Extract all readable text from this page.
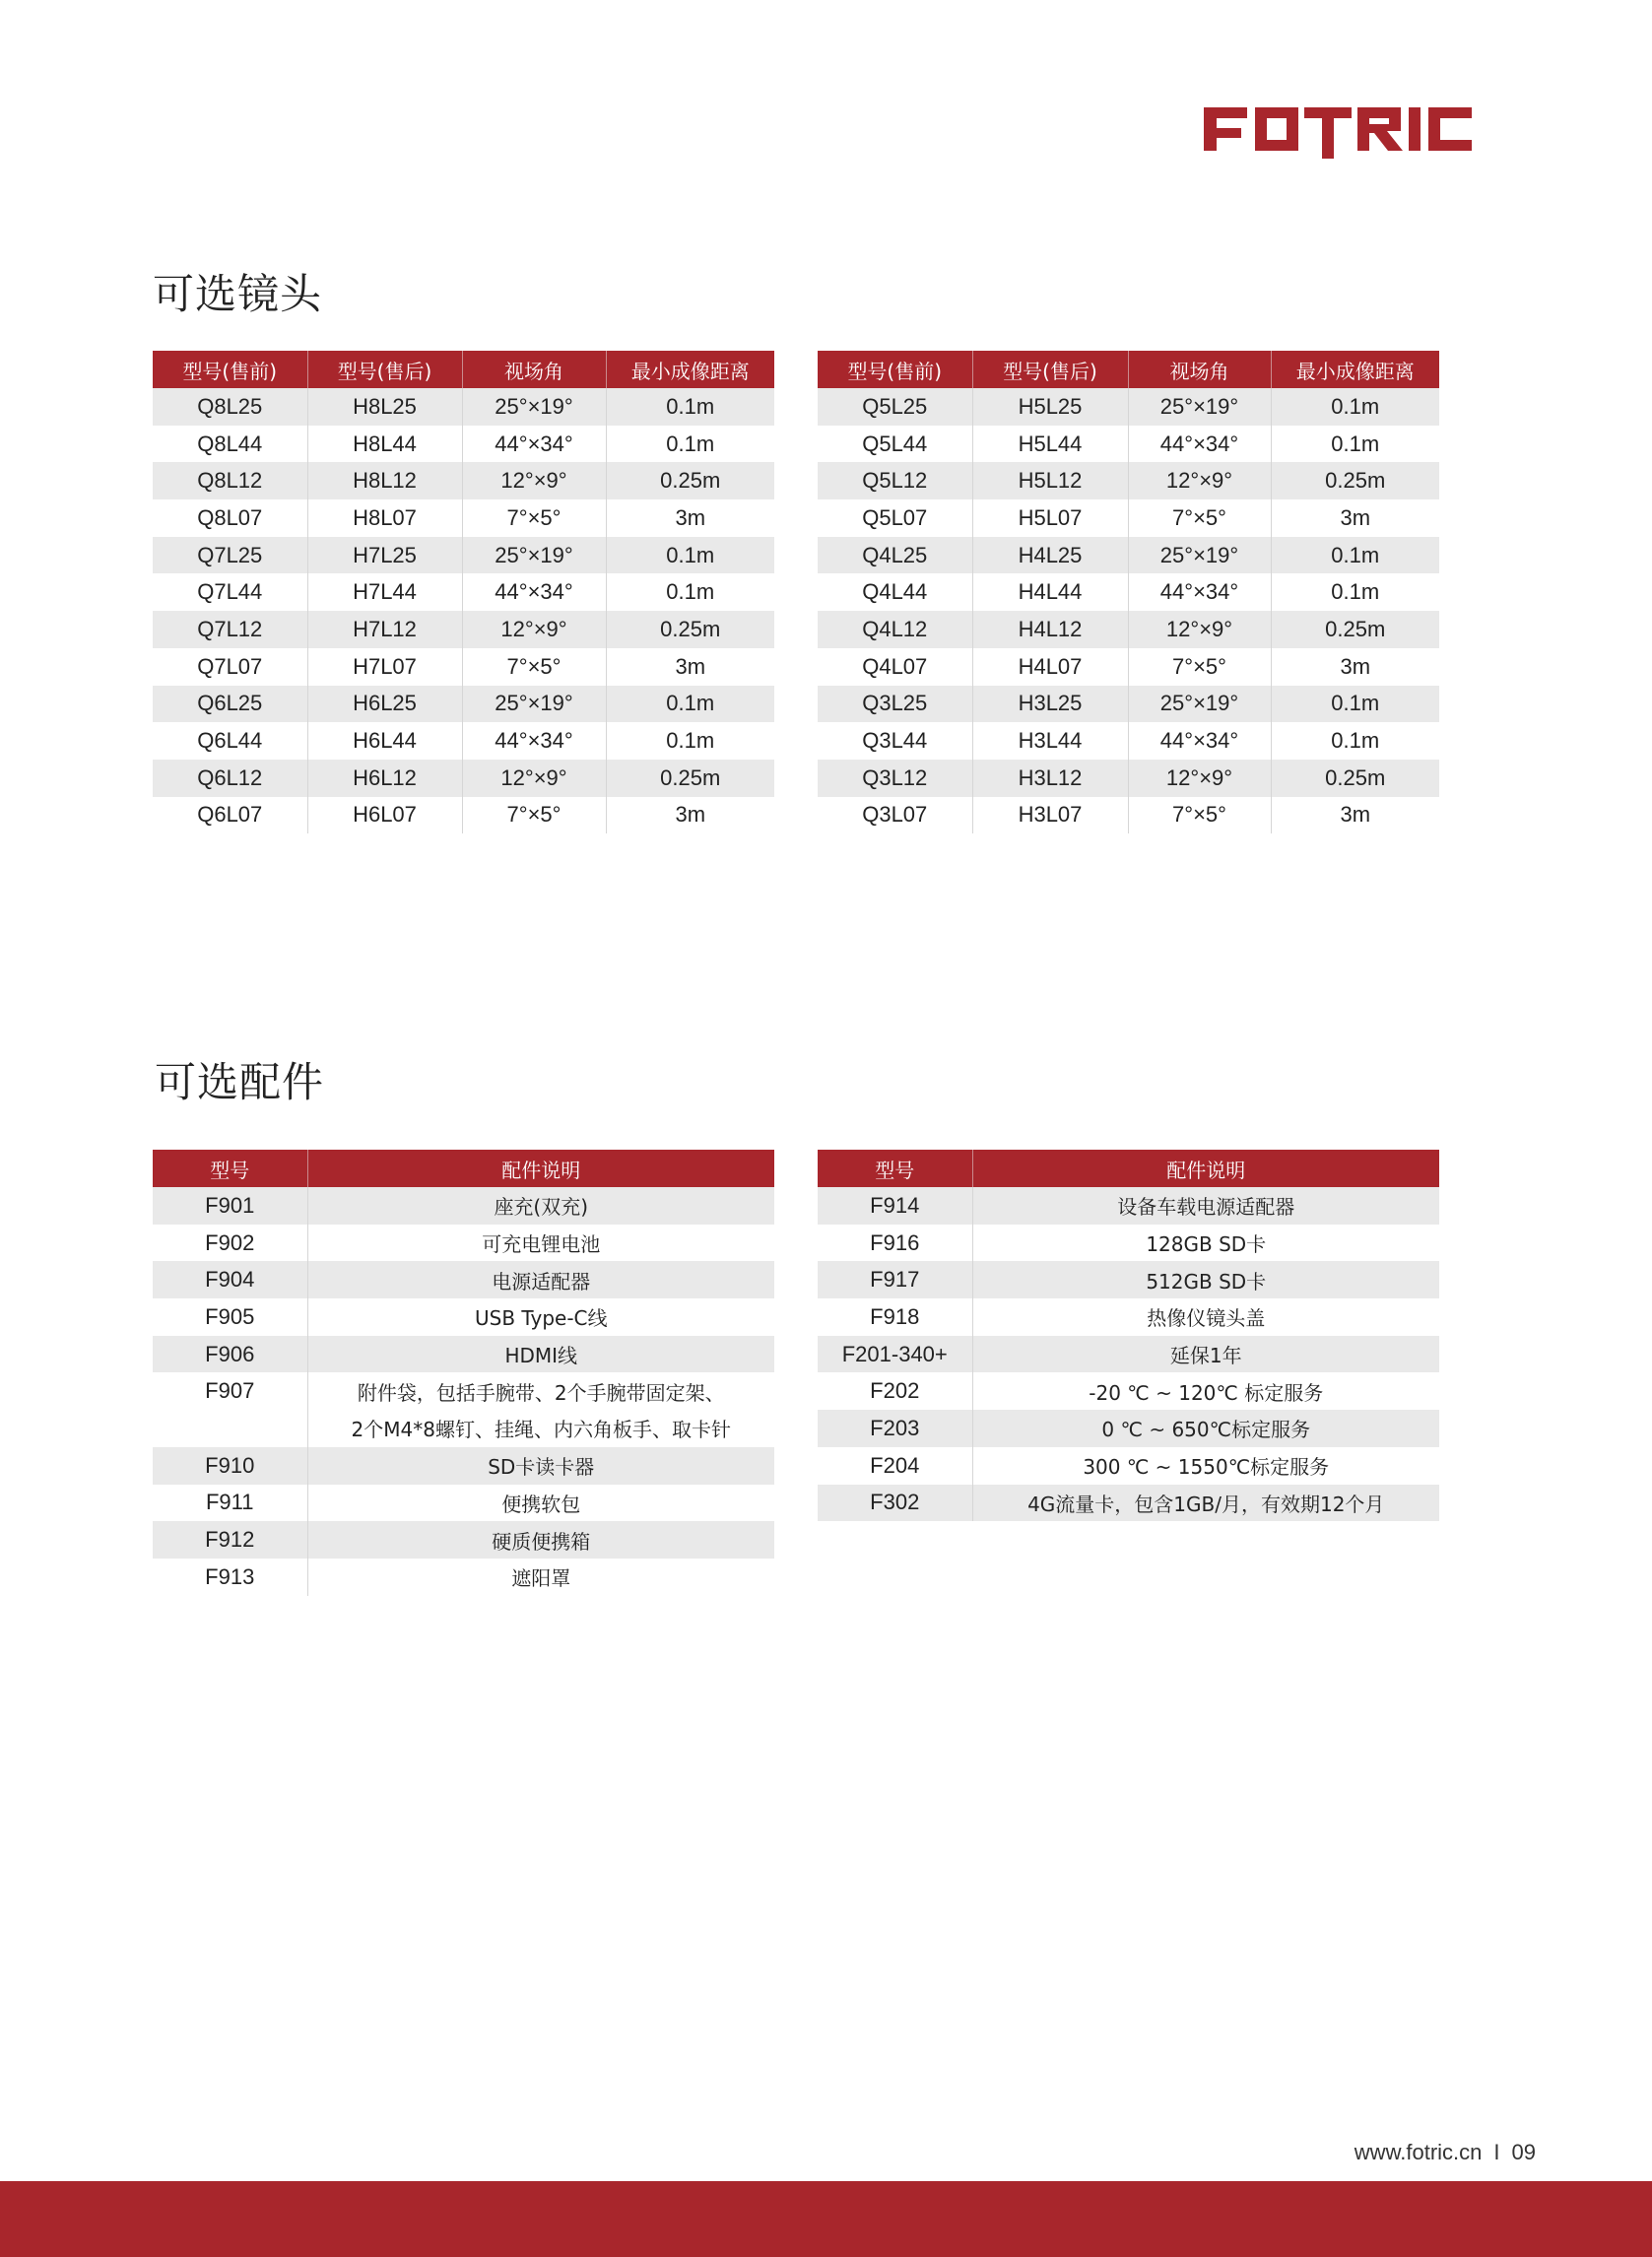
可选镜头
型号(售前)	型号(售后)	视场角	最小成像距离
Q8L25	H8L25	25°×19°	0.1m
Q8L44	H8L44	44°×34°	0.1m
Q8L12	H8L12	12°×9°	0.25m
Q8L07	H8L07	7°×5°	3m
Q7L25	H7L25	25°×19°	0.1m
Q7L44	H7L44	44°×34°	0.1m
Q7L12	H7L12	12°×9°	0.25m
Q7L07	H7L07	7°×5°	3m
Q6L25	H6L25	25°×19°	0.1m
Q6L44	H6L44	44°×34°	0.1m
Q6L12	H6L12	12°×9°	0.25m
Q6L07	H6L07	7°×5°	3m
型号(售前)	型号(售后)	视场角	最小成像距离
Q5L25	H5L25	25°×19°	0.1m
Q5L44	H5L44	44°×34°	0.1m
Q5L12	H5L12	12°×9°	0.25m
Q5L07	H5L07	7°×5°	3m
Q4L25	H4L25	25°×19°	0.1m
Q4L44	H4L44	44°×34°	0.1m
Q4L12	H4L12	12°×9°	0.25m
Q4L07	H4L07	7°×5°	3m
Q3L25	H3L25	25°×19°	0.1m
Q3L44	H3L44	44°×34°	0.1m
Q3L12	H3L12	12°×9°	0.25m
Q3L07	H3L07	7°×5°	3m
可选配件
型号	配件说明
F901	座充(双充)
F902	可充电锂电池
F904	电源适配器
F905	USB Type-C线
F906	HDMI线
F907	附件袋，包括手腕带、2个手腕带固定架、
	2个M4*8螺钉、挂绳、内六角板手、取卡针
F910	SD卡读卡器
F911	便携软包
F912	硬质便携箱
F913	遮阳罩
型号	配件说明
F914	设备车载电源适配器
F916	128GB SD卡
F917	512GB SD卡
F918	热像仪镜头盖
F201-340+	延保1年
F202	-20 ℃ ~ 120℃ 标定服务
F203	0 ℃ ~ 650℃标定服务
F204	300 ℃ ~ 1550℃标定服务
F302	4G流量卡，包含1GB/月，有效期12个月
www.fotric.cn I 09
